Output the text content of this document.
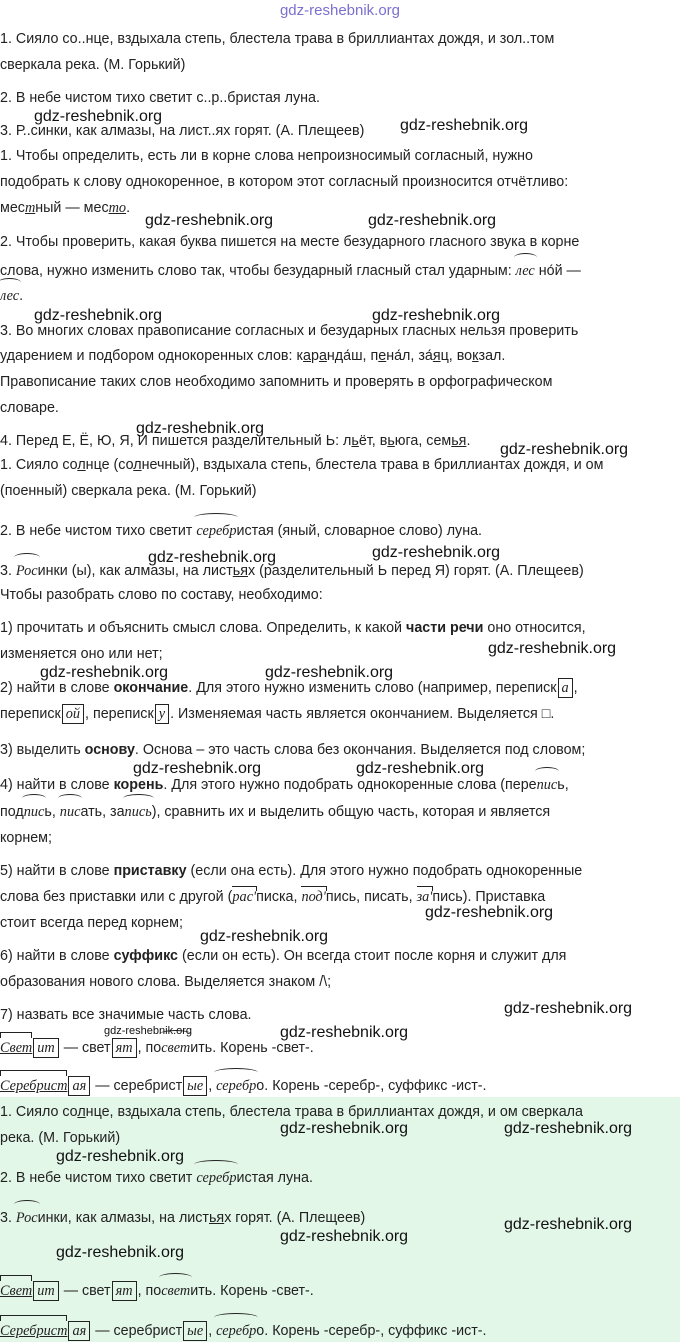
gdz-reshebnik.org
1. Сияло со..нце, вздыхала степь, блестела трава в бриллиантах дождя, и зол..том
сверкала река. (М. Горький)
2. В небе чистом тихо светит с..р..бристая луна.
3. Р..синки, как алмазы, на лист..ях горят. (А. Плещеев)
1. Чтобы определить, есть ли в корне слова непроизносимый согласный, нужно
подобрать к слову однокоренное, в котором этот согласный произносится отчётливо:
местный — место.
2. Чтобы проверить, какая буква пишется на месте безударного гласного звука в корне
слова, нужно изменить слово так, чтобы безударный гласный стал ударным: лес но́й —
лес.
3. Во многих словах правописание согласных и безударных гласных нельзя проверить
ударением и подбором однокоренных слов: каранда́ш, пена́л, за́яц, вокзал.
Правописание таких слов необходимо запомнить и проверять в орфографическом
словаре.
4. Перед Е, Ё, Ю, Я, И пишется разделительный Ь: льёт, вьюга, семья.
1. Сияло солнце (солнечный), вздыхала степь, блестела трава в бриллиантах дождя, и ом
(поенный) сверкала река. (М. Горький)
2. В небе чистом тихо светит серебристая (яный, словарное слово) луна.
3. Росинки (ы), как алмазы, на листьях (разделительный Ь перед Я) горят. (А. Плещеев)
Чтобы разобрать слово по составу, необходимо:
1) прочитать и объяснить смысл слова. Определить, к какой части речи оно относится,
изменяется оно или нет;
2) найти в слове окончание. Для этого нужно изменить слово (например, переписк а ,
переписк ой , переписк у . Изменяемая часть является окончанием. Выделяется □.
3) выделить основу. Основа – это часть слова без окончания. Выделяется под словом;
4) найти в слове корень. Для этого нужно подобрать однокоренные слова (перепись,
подпись, писать, запись), сравнить их и выделить общую часть, которая и является
корнем;
5) найти в слове приставку (если она есть). Для этого нужно подобрать однокоренные
слова без приставки или с другой (рас'писка, под'пись, писать, за'пись). Приставка
стоит всегда перед корнем;
6) найти в слове суффикс (если он есть). Он всегда стоит после корня и служит для
образования нового слова. Выделяется знаком /\;
7) назвать все значимые часть слова.
Свет ит — свет ят , посветить. Корень -свет-.
Серебрист ая — серебрист ые , серебро. Корень -серебр-, суффикс -ист-.
1. Сияло солнце, вздыхала степь, блестела трава в бриллиантах дождя, и ом сверкала
река. (М. Горький)
2. В небе чистом тихо светит серебристая луна.
3. Росинки, как алмазы, на листьях горят. (А. Плещеев)
Свет ит — свет ят , посветить. Корень -свет-.
Серебрист ая — серебрист ые , серебро. Корень -серебр-, суффикс -ист-.
gdz-reshebnik.org
gdz-reshebnik.org
gdz-reshebnik.org	gdz-reshebnik.org
gdz-reshebnik.org	gdz-reshebnik.org
gdz-reshebnik.org
gdz-reshebnik.org
gdz-reshebnik.org	gdz-reshebnik.org
gdz-reshebnik.org
gdz-reshebnik.org	gdz-reshebnik.org
gdz-reshebnik.org	gdz-reshebnik.org
gdz-reshebnik.org
gdz-reshebnik.org
gdz-reshebnik.org
gdz-reshebnik.org	gdz-reshebnik.org
gdz-reshebnik.org	gdz-reshebnik.org
gdz-reshebnik.org
gdz-reshebnik.org
gdz-reshebnik.org
gdz-reshebnik.org
